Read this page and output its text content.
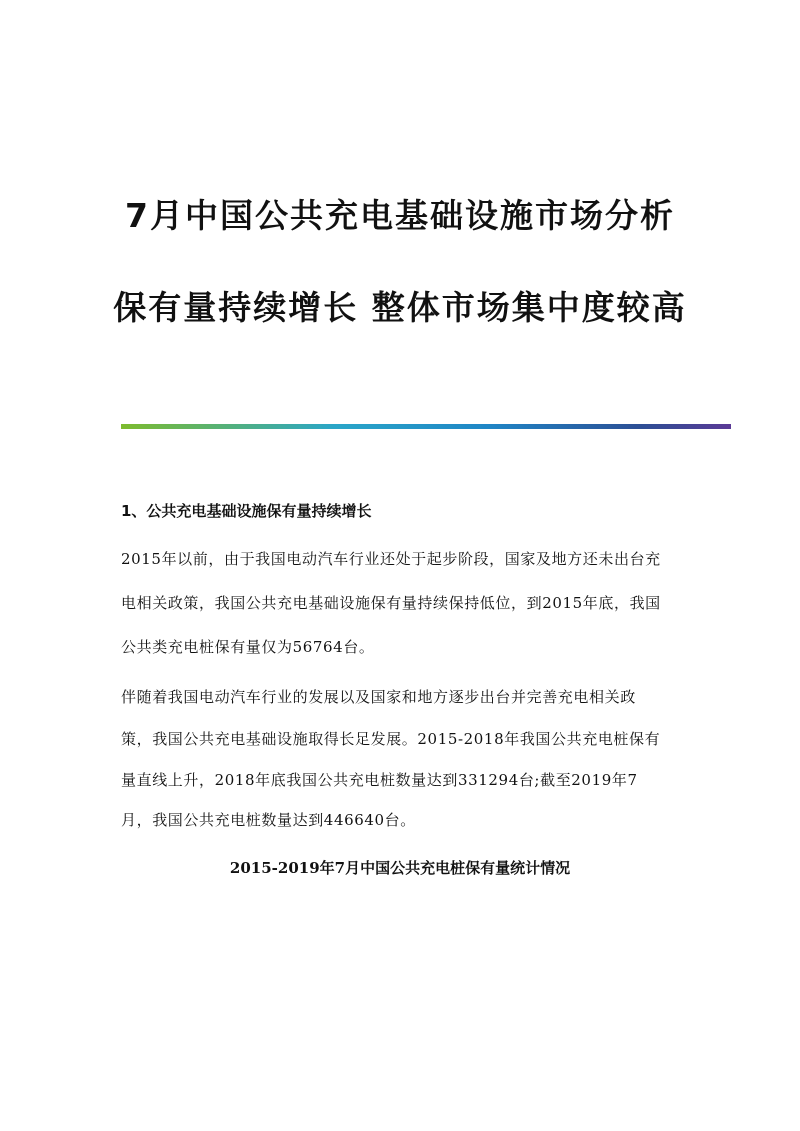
7月中国公共充电基础设施市场分析
保有量持续增长 整体市场集中度较高
1、公共充电基础设施保有量持续增长
2015年以前，由于我国电动汽车行业还处于起步阶段，国家及地方还未出台充
电相关政策，我国公共充电基础设施保有量持续保持低位，到2015年底，我国
公共类充电桩保有量仅为56764台。
伴随着我国电动汽车行业的发展以及国家和地方逐步出台并完善充电相关政
策，我国公共充电基础设施取得长足发展。2015-2018年我国公共充电桩保有
量直线上升，2018年底我国公共充电桩数量达到331294台;截至2019年7
月，我国公共充电桩数量达到446640台。
2015-2019年7月中国公共充电桩保有量统计情况
